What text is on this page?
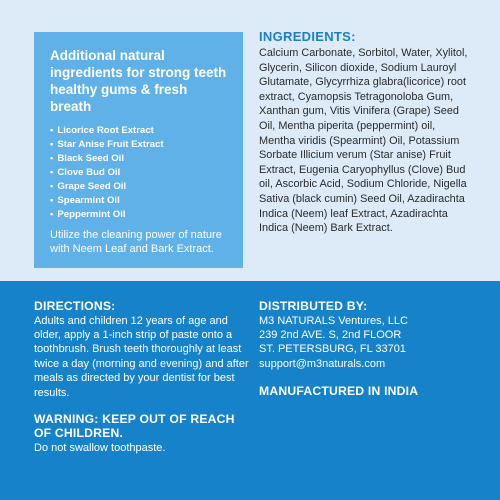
Additional natural ingredients for strong teeth healthy gums & fresh breath
• Licorice Root Extract
• Star Anise Fruit Extract
• Black Seed Oil
• Clove Bud Oil
• Grape Seed Oil
• Spearmint Oil
• Peppermint Oil
Utilize the cleaning power of nature with Neem Leaf and Bark Extract.
INGREDIENTS:
Calcium Carbonate, Sorbitol, Water, Xylitol, Glycerin, Silicon dioxide, Sodium Lauroyl Glutamate, Glycyrrhiza glabra(licorice) root extract, Cyamopsis Tetragonoloba Gum, Xanthan gum, Vitis Vinifera (Grape) Seed Oil, Mentha piperita (peppermint) oil, Mentha viridis (Spearmint) Oil, Potassium Sorbate Illicium verum (Star anise) Fruit Extract, Eugenia Caryophyllus (Clove) Bud oil, Ascorbic Acid, Sodium Chloride, Nigella Sativa (black cumin) Seed Oil, Azadirachta Indica (Neem) leaf Extract, Azadirachta Indica (Neem) Bark Extract.
DIRECTIONS:
Adults and children 12 years of age and older, apply a 1-inch strip of paste onto a toothbrush. Brush teeth thoroughly at least twice a day (morning and evening) and after meals as directed by your dentist for best results.
WARNING: KEEP OUT OF REACH OF CHILDREN.
Do not swallow toothpaste.
DISTRIBUTED BY:
M3 NATURALS Ventures, LLC
239 2nd AVE. S, 2nd FLOOR
ST. PETERSBURG, FL 33701
support@m3naturals.com
MANUFACTURED IN INDIA
